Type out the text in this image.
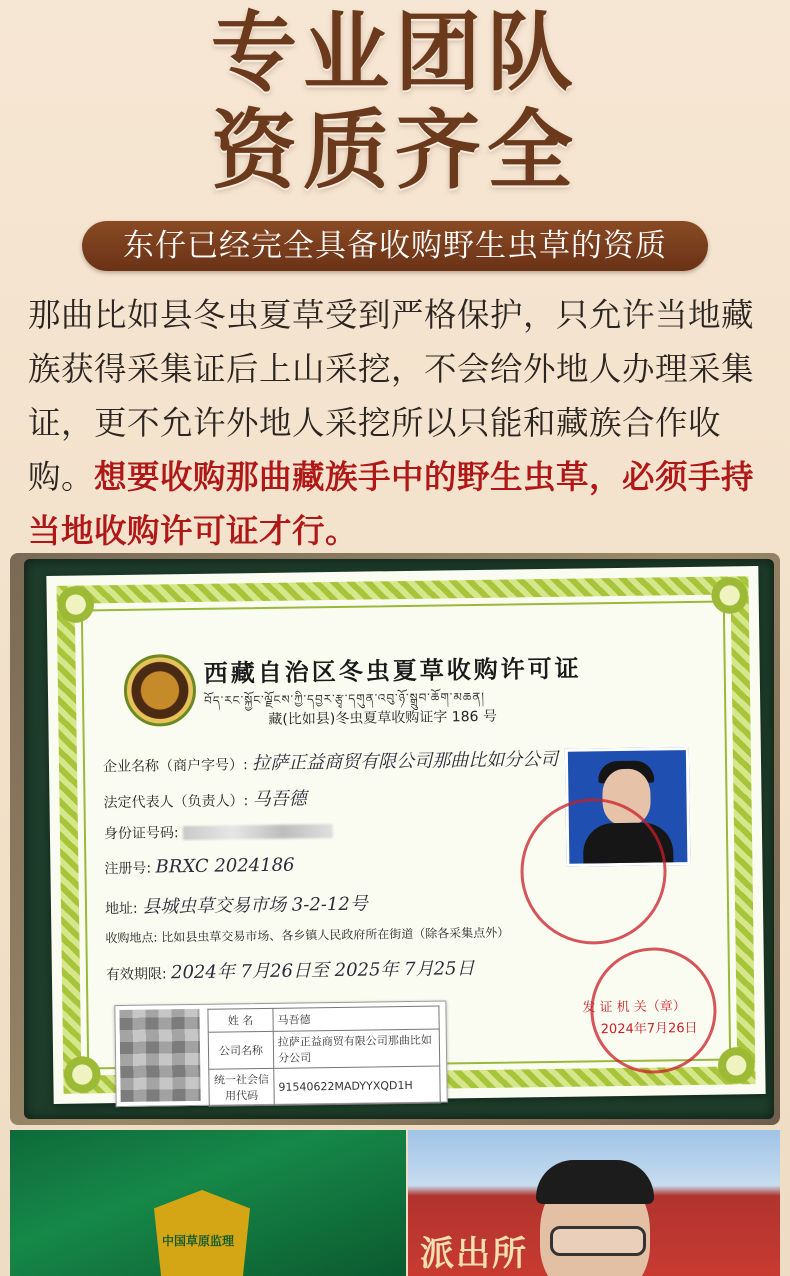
专业团队
资质齐全
东仔已经完全具备收购野生虫草的资质
那曲比如县冬虫夏草受到严格保护，只允许当地藏族获得采集证后上山采挖，不会给外地人办理采集证，更不允许外地人采挖所以只能和藏族合作收购。想要收购那曲藏族手中的野生虫草，必须手持当地收购许可证才行。
西藏自治区冬虫夏草收购许可证
བོད་རང་སྐྱོང་ལྗོངས་ཀྱི་དབྱར་རྩྭ་དགུན་འབུ་ཉོ་སྒྲུབ་ཆོག་མཆན།
藏(比如县)冬虫夏草收购证字 186 号
企业名称（商户字号）: 拉萨正益商贸有限公司那曲比如分公司
法定代表人（负责人）: 马吾德
身份证号码:
注册号: BRXC 2024186
地址: 县城虫草交易市场 3-2-12号
收购地点: 比如县虫草交易市场、各乡镇人民政府所在街道（除各采集点外）
有效期限: 2024年 7月26日至 2025年 7月25日
发 证 机 关（章）
2024年7月26日
姓 名	马吾德
公司名称	拉萨正益商贸有限公司那曲比如分公司
统一社会信用代码	91540622MADYYXQD1H
中国草原监理	派出所
